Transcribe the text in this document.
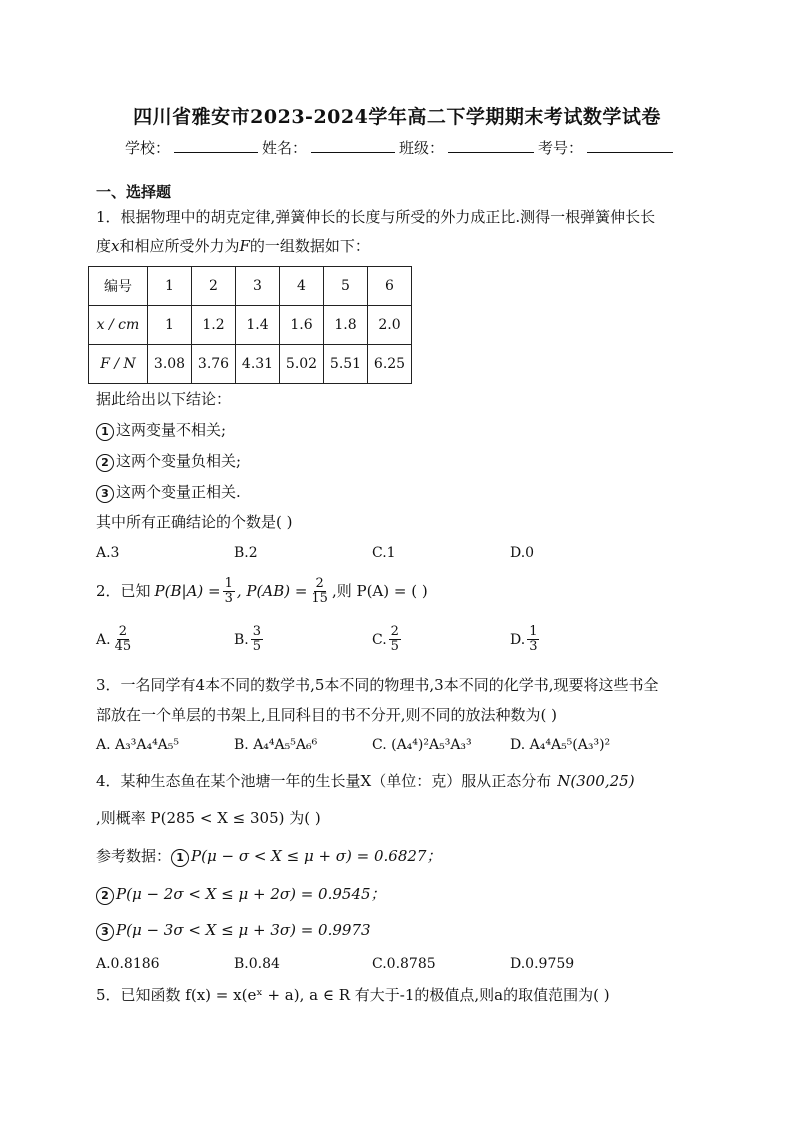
四川省雅安市2023-2024学年高二下学期期末考试数学试卷
学校：	姓名：	班级：	考号：
一、选择题
1．根据物理中的胡克定律,弹簧伸长的长度与所受的外力成正比.测得一根弹簧伸长长
度x和相应所受外力为F的一组数据如下：
编号	1	2	3	4	5	6
x / cm	1	1.2	1.4	1.6	1.8	2.0
F / N	3.08	3.76	4.31	5.02	5.51	6.25
据此给出以下结论：
1 这两变量不相关;
2 这两个变量负相关;
3 这两个变量正相关.
其中所有正确结论的个数是( )
A.3	B.2	C.1	D.0
2．已知 $P(B|A) = \frac{1}{3}$ , $P(AB) = \frac{2}{15}$ ,则 P(A) = ( )
A. $\frac{2}{45}$	B. $\frac{3}{5}$	C. $\frac{2}{5}$	D. $\frac{1}{3}$
3．一名同学有4本不同的数学书,5本不同的物理书,3本不同的化学书,现要将这些书全
部放在一个单层的书架上,且同科目的书不分开,则不同的放法种数为( )
A. A₃³A₄⁴A₅⁵	B. A₄⁴A₅⁵A₆⁶	C. (A₄⁴)²A₅³A₃³	D. A₄⁴A₅⁵(A₃³)²
4．某种生态鱼在某个池塘一年的生长量X（单位：克）服从正态分布 N(300,25)
,则概率 P(285 < X ≤ 305) 为( )
参考数据： 1 P(μ − σ < X ≤ μ + σ) = 0.6827；
2 P(μ − 2σ < X ≤ μ + 2σ) = 0.9545；
3 P(μ − 3σ < X ≤ μ + 3σ) = 0.9973
A.0.8186	B.0.84	C.0.8785	D.0.9759
5．已知函数 f(x) = x(eˣ + a), a ∈ R 有大于-1的极值点,则a的取值范围为( )
